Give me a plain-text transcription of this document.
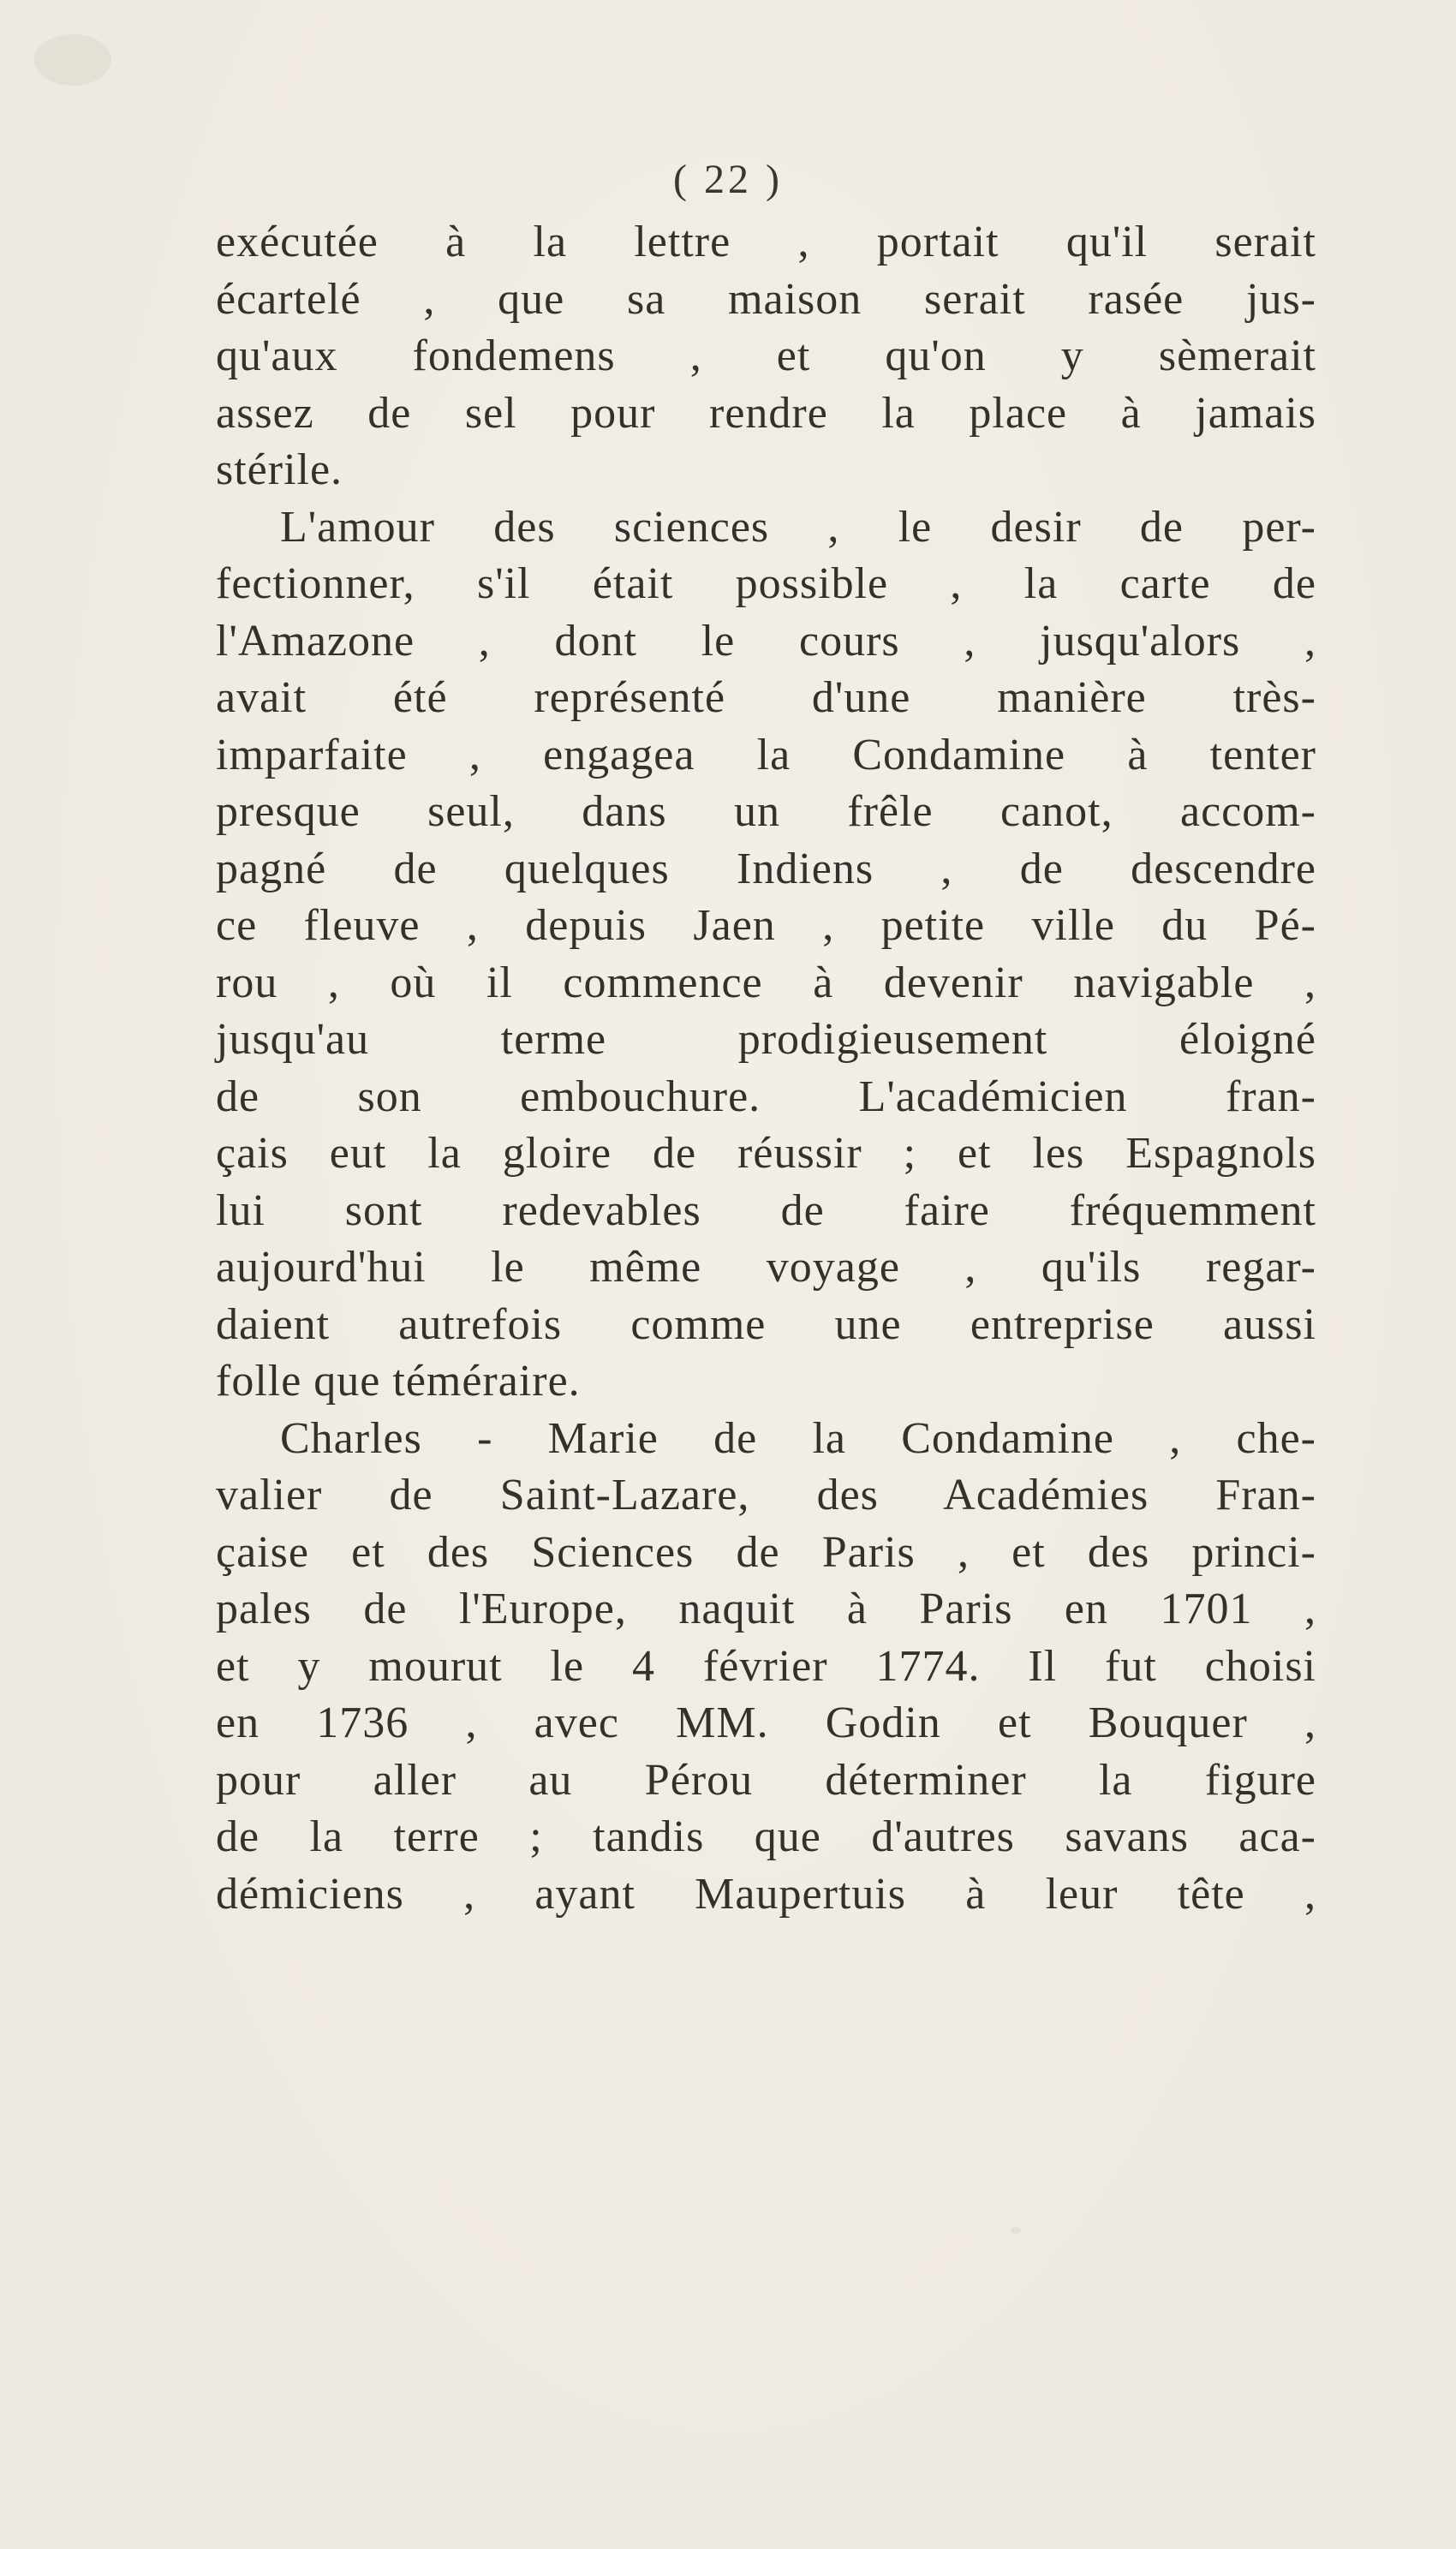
( 22 )
exécutée à la lettre , portait qu'il serait
écartelé , que sa maison serait rasée jus-
qu'aux fondemens , et qu'on y sèmerait
assez de sel pour rendre la place à jamais
stérile.
L'amour des sciences , le desir de per-
fectionner, s'il était possible , la carte de
l'Amazone , dont le cours , jusqu'alors ,
avait été représenté d'une manière très-
imparfaite , engagea la Condamine à tenter
presque seul, dans un frêle canot, accom-
pagné de quelques Indiens , de descendre
ce fleuve , depuis Jaen , petite ville du Pé-
rou , où il commence à devenir navigable ,
jusqu'au terme prodigieusement éloigné
de son embouchure. L'académicien fran-
çais eut la gloire de réussir ; et les Espagnols
lui sont redevables de faire fréquemment
aujourd'hui le même voyage , qu'ils regar-
daient autrefois comme une entreprise aussi
folle que téméraire.
Charles - Marie de la Condamine , che-
valier de Saint-Lazare, des Académies Fran-
çaise et des Sciences de Paris , et des princi-
pales de l'Europe, naquit à Paris en 1701 ,
et y mourut le 4 février 1774. Il fut choisi
en 1736 , avec MM. Godin et Bouquer ,
pour aller au Pérou déterminer la figure
de la terre ; tandis que d'autres savans aca-
démiciens , ayant Maupertuis à leur tête ,
